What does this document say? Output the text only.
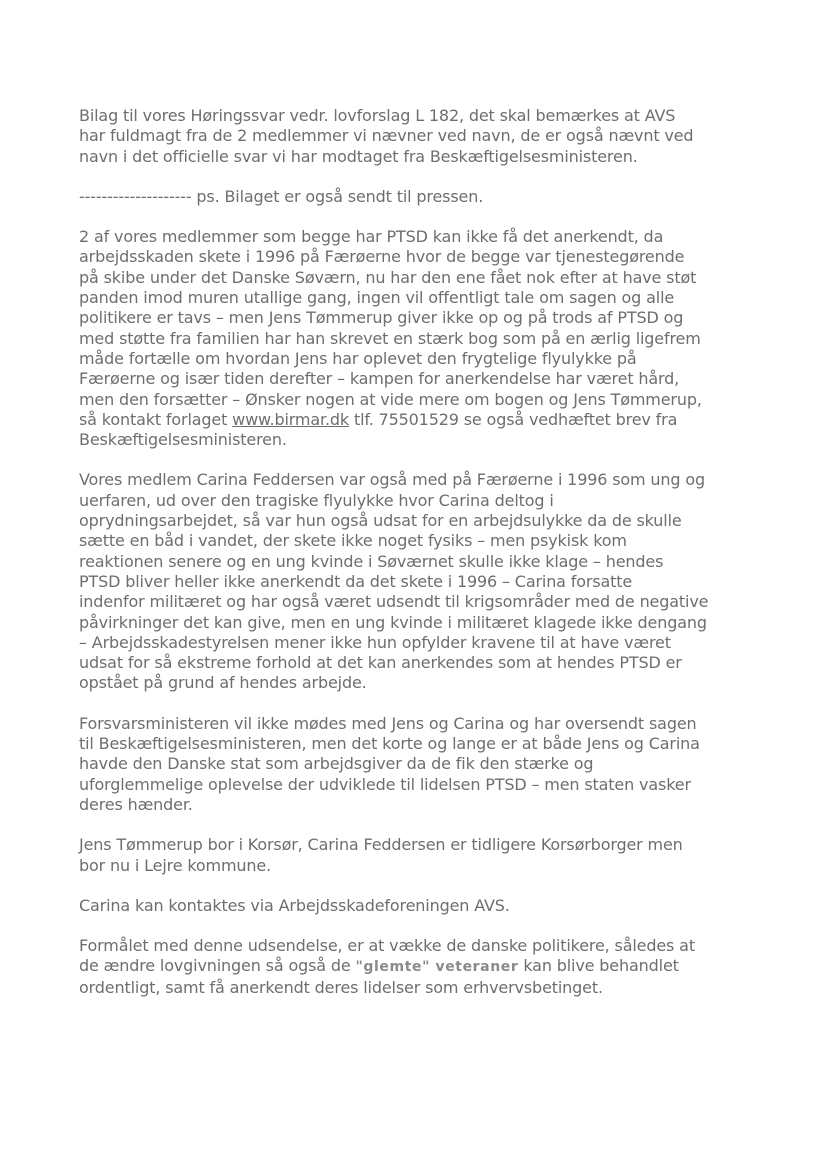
Bilag til vores Høringssvar vedr. lovforslag L 182, det skal bemærkes at AVS
har fuldmagt fra de 2 medlemmer vi nævner ved navn, de er også nævnt ved
navn i det officielle svar vi har modtaget fra Beskæftigelsesministeren.

-------------------- ps. Bilaget er også sendt til pressen.

2 af vores medlemmer som begge har PTSD kan ikke få det anerkendt, da
arbejdsskaden skete i 1996 på Færøerne hvor de begge var tjenestegørende
på skibe under det Danske Søværn, nu har den ene fået nok efter at have støt
panden imod muren utallige gang, ingen vil offentligt tale om sagen og alle
politikere er tavs – men Jens Tømmerup giver ikke op og på trods af PTSD og
med støtte fra familien har han skrevet en stærk bog som på en ærlig ligefrem
måde fortælle om hvordan Jens har oplevet den frygtelige flyulykke på
Færøerne og især tiden derefter – kampen for anerkendelse har været hård,
men den forsætter – Ønsker nogen at vide mere om bogen og Jens Tømmerup,
så kontakt forlaget www.birmar.dk tlf. 75501529 se også vedhæftet brev fra
Beskæftigelsesministeren.

Vores medlem Carina Feddersen var også med på Færøerne i 1996 som ung og
uerfaren, ud over den tragiske flyulykke hvor Carina deltog i
oprydningsarbejdet, så var hun også udsat for en arbejdsulykke da de skulle
sætte en båd i vandet, der skete ikke noget fysiks – men psykisk kom
reaktionen senere og en ung kvinde i Søværnet skulle ikke klage – hendes
PTSD bliver heller ikke anerkendt da det skete i 1996 – Carina forsatte
indenfor militæret og har også været udsendt til krigsområder med de negative
påvirkninger det kan give, men en ung kvinde i militæret klagede ikke dengang
– Arbejdsskadestyrelsen mener ikke hun opfylder kravene til at have været
udsat for så ekstreme forhold at det kan anerkendes som at hendes PTSD er
opstået på grund af hendes arbejde.

Forsvarsministeren vil ikke mødes med Jens og Carina og har oversendt sagen
til Beskæftigelsesministeren, men det korte og lange er at både Jens og Carina
havde den Danske stat som arbejdsgiver da de fik den stærke og
uforglemmelige oplevelse der udviklede til lidelsen PTSD – men staten vasker
deres hænder.

Jens Tømmerup bor i Korsør, Carina Feddersen er tidligere Korsørborger men
bor nu i Lejre kommune.

Carina kan kontaktes via Arbejdsskadeforeningen AVS.

Formålet med denne udsendelse, er at vække de danske politikere, således at
de ændre lovgivningen så også de "glemte" veteraner kan blive behandlet
ordentligt, samt få anerkendt deres lidelser som erhvervsbetinget.
